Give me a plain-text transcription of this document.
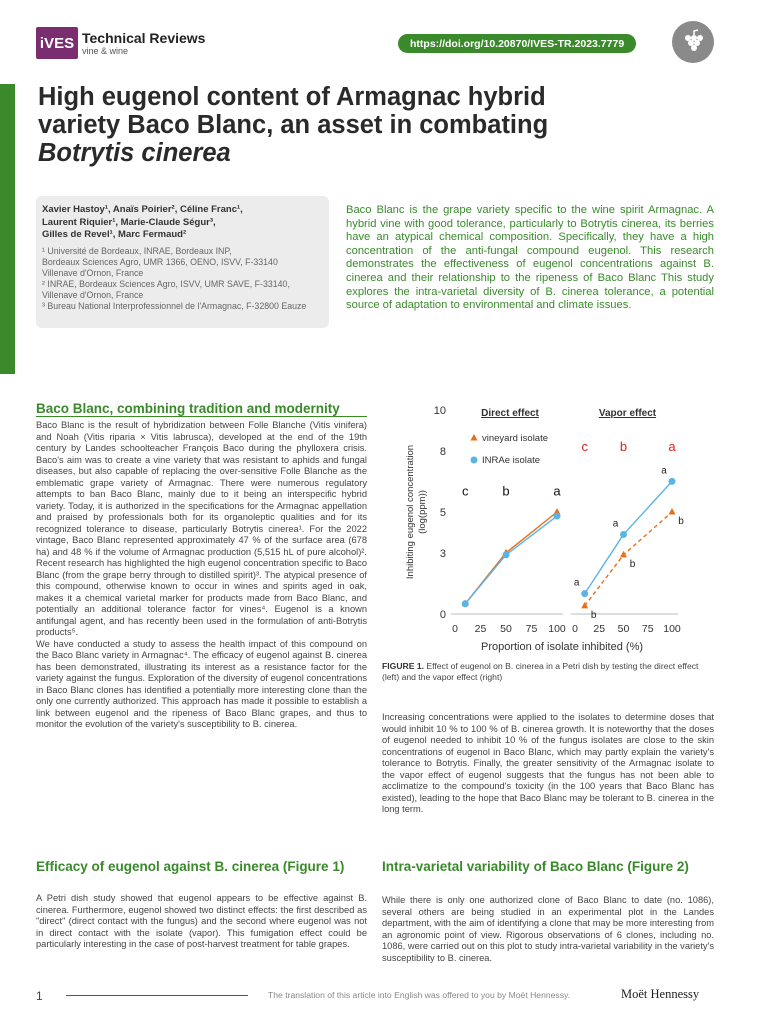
iVES Technical Reviews
vine & wine
https://doi.org/10.20870/IVES-TR.2023.7779
High eugenol content of Armagnac hybrid
variety Baco Blanc, an asset in combating
Botrytis cinerea
Xavier Hastoy¹, Anaïs Poirier², Céline Franc¹,
Laurent Riquier¹, Marie-Claude Ségur³,
Gilles de Revel¹, Marc Fermaud²
¹ Université de Bordeaux, INRAE, Bordeaux INP,
Bordeaux Sciences Agro, UMR 1366, OENO, ISVV, F-33140
Villenave d'Ornon, France
² INRAE, Bordeaux Sciences Agro, ISVV, UMR SAVE, F-33140,
Villenave d'Ornon, France
³ Bureau National Interprofessionnel de l'Armagnac, F-32800 Eauze
Baco Blanc is the grape variety specific to the wine spirit Armagnac. A hybrid vine with good tolerance, particularly to Botrytis cinerea, its berries have an atypical chemical composition. Specifically, they have a high concentration of the anti-fungal compound eugenol. This research demonstrates the effectiveness of eugenol concentrations against B. cinerea and their relationship to the ripeness of Baco Blanc This study explores the intra-varietal diversity of B. cinerea tolerance, a potential source of adaptation to environmental and climate issues.
Baco Blanc, combining tradition and modernity

Baco Blanc is the result of hybridization between Folle Blanche (Vitis vinifera) and Noah (Vitis riparia × Vitis labrusca), developed at the end of the 19th century by Landes schoolteacher François Baco during the phylloxera crisis. Baco's aim was to create a vine variety that was resistant to aphids and fungal diseases, but also capable of replacing the over-sensitive Folle Blanche as the emblematic grape variety of Armagnac. There were numerous regulatory attempts to ban Baco Blanc, mainly due to it being an interspecific hybrid variety. Today, it is authorized in the specifications for the Armagnac appellation and praised by professionals both for its organoleptic qualities and for its recognized tolerance to disease, particularly Botrytis cinerea¹. For the 2022 vintage, Baco Blanc represented approximately 47 % of the surface area (678 ha) and 48 % if the volume of Armagnac production (5,515 hL of pure alcohol)². Recent research has highlighted the high eugenol concentration specific to Baco Blanc (from the grape berry through to distilled spirit)³. The atypical presence of this compound, otherwise known to occur in wines and spirits aged in oak, makes it a chemical varietal marker for products made from Baco Blanc, and potentially an additional tolerance factor for vines⁴. Eugenol is a known antifungal agent, and has recently been used in the formulation of anti-Botrytis products⁵.

We have conducted a study to assess the health impact of this compound on the Baco Blanc variety in Armagnac⁴. The efficacy of eugenol against B. cinerea has been demonstrated, illustrating its interest as a resistance factor for the variety against the fungus. Exploration of the diversity of eugenol concentrations in Baco Blanc clones has identified a potentially more interesting clone than the only one currently authorized. This approach has made it possible to establish a link between eugenol and the ripeness of Baco Blanc grapes, and thus to monitor the evolution of the variety's susceptibility to B. cinerea.

Efficacy of eugenol against B. cinerea (Figure 1)

A Petri dish study showed that eugenol appears to be effective against B. cinerea. Furthermore, eugenol showed two distinct effects: the first described as "direct" (direct contact with the fungus) and the second where eugenol was not in direct contact with the isolate (vapor). This fumigation effect could be particularly interesting in the case of post-harvest treatment for table grapes.

0
3
5
8
10
Inhibiting eugenol concentration (log(ppm))
Proportion of isolate inhibited (%)
Direct effect
0 25 50 75 100
c	b	a
Vapor effect
0 25 50 75 100
c b	a
b
b
b
a
a
a
vineyard isolate
INRAe isolate
FIGURE 1. Effect of eugenol on B. cinerea in a Petri dish by testing the direct effect (left) and the vapor effect (right)

Increasing concentrations were applied to the isolates to determine doses that would inhibit 10 % to 100 % of B. cinerea growth. It is noteworthy that the doses of eugenol needed to inhibit 10 % of the fungus isolates are close to the skin concentrations of eugenol in Baco Blanc, which may partly explain the variety's tolerance to Botrytis. Finally, the greater sensitivity of the Armagnac isolate to the vapor effect of eugenol suggests that the fungus has not been able to acclimatize to the compound's toxicity (in the 100 years that Baco Blanc has existed), leading to the hope that Baco Blanc may be tolerant to B. cinerea in the long term.

Intra-varietal variability of Baco Blanc (Figure 2)

While there is only one authorized clone of Baco Blanc to date (no. 1086), several others are being studied in an experimental plot in the Landes department, with the aim of identifying a clone that may be more interesting from an agronomic point of view. Rigorous observations of 6 clones, including no. 1086, were carried out on this plot to study intra-varietal variability in the variety's susceptibility to B. cinerea.

1	The translation of this article into English was offered to you by Moët Hennessy.	Moët Hennessy
